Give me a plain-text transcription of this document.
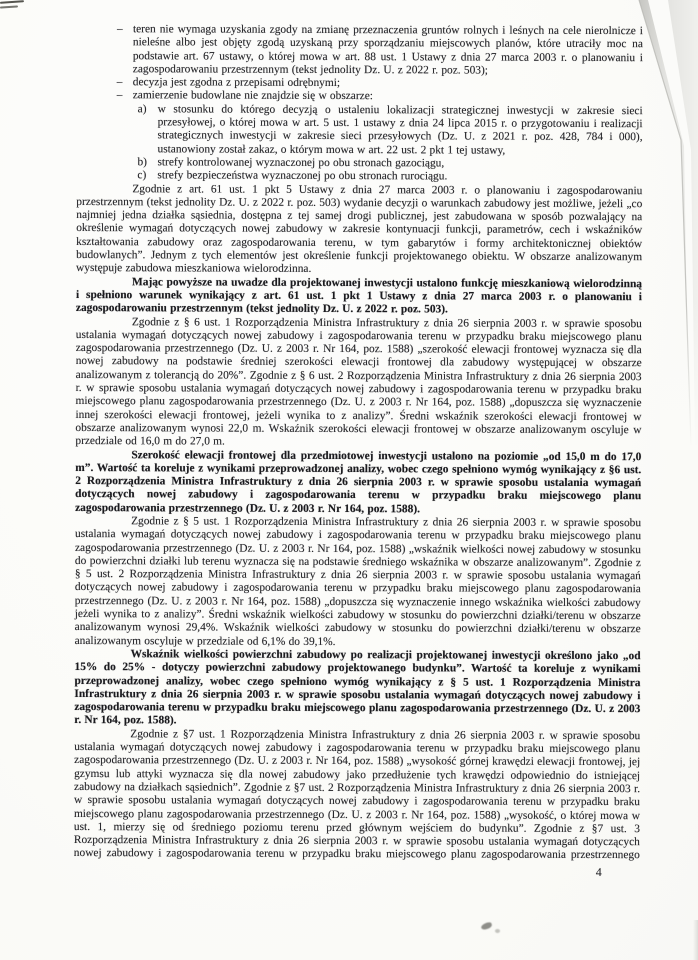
– teren nie wymaga uzyskania zgody na zmianę przeznaczenia gruntów rolnych i leśnych na cele nierolnicze i nieleśne albo jest objęty zgodą uzyskaną przy sporządzaniu miejscowych planów, które utraciły moc na podstawie art. 67 ustawy, o której mowa w art. 88 ust. 1 Ustawy z dnia 27 marca 2003 r. o planowaniu i zagospodarowaniu przestrzennym (tekst jednolity Dz. U. z 2022 r. poz. 503);
– decyzja jest zgodna z przepisami odrębnymi;
– zamierzenie budowlane nie znajdzie się w obszarze:
a) w stosunku do którego decyzją o ustaleniu lokalizacji strategicznej inwestycji w zakresie sieci przesyłowej, o której mowa w art. 5 ust. 1 ustawy z dnia 24 lipca 2015 r. o przygotowaniu i realizacji strategicznych inwestycji w zakresie sieci przesyłowych (Dz. U. z 2021 r. poz. 428, 784 i 000), ustanowiony został zakaz, o którym mowa w art. 22 ust. 2 pkt 1 tej ustawy,
b) strefy kontrolowanej wyznaczonej po obu stronach gazociągu,
c) strefy bezpieczeństwa wyznaczonej po obu stronach rurociągu.

Zgodnie z art. 61 ust. 1 pkt 5 Ustawy z dnia 27 marca 2003 r. o planowaniu i zagospodarowaniu przestrzennym (tekst jednolity Dz. U. z 2022 r. poz. 503) wydanie decyzji o warunkach zabudowy jest możliwe, jeżeli „co najmniej jedna działka sąsiednia, dostępna z tej samej drogi publicznej, jest zabudowana w sposób pozwalający na określenie wymagań dotyczących nowej zabudowy w zakresie kontynuacji funkcji, parametrów, cech i wskaźników kształtowania zabudowy oraz zagospodarowania terenu, w tym gabarytów i formy architektonicznej obiektów budowlanych”. Jednym z tych elementów jest określenie funkcji projektowanego obiektu. W obszarze analizowanym występuje zabudowa mieszkaniowa wielorodzinna.

Mając powyższe na uwadze dla projektowanej inwestycji ustalono funkcję mieszkaniową wielorodzinną i spełniono warunek wynikający z art. 61 ust. 1 pkt 1 Ustawy z dnia 27 marca 2003 r. o planowaniu i zagospodarowaniu przestrzennym (tekst jednolity Dz. U. z 2022 r. poz. 503).

Zgodnie z § 6 ust. 1 Rozporządzenia Ministra Infrastruktury z dnia 26 sierpnia 2003 r. w sprawie sposobu ustalania wymagań dotyczących nowej zabudowy i zagospodarowania terenu w przypadku braku miejscowego planu zagospodarowania przestrzennego (Dz. U. z 2003 r. Nr 164, poz. 1588) „szerokość elewacji frontowej wyznacza się dla nowej zabudowy na podstawie średniej szerokości elewacji frontowej dla zabudowy występującej w obszarze analizowanym z tolerancją do 20%”. Zgodnie z § 6 ust. 2 Rozporządzenia Ministra Infrastruktury z dnia 26 sierpnia 2003 r. w sprawie sposobu ustalania wymagań dotyczących nowej zabudowy i zagospodarowania terenu w przypadku braku miejscowego planu zagospodarowania przestrzennego (Dz. U. z 2003 r. Nr 164, poz. 1588) „dopuszcza się wyznaczenie innej szerokości elewacji frontowej, jeżeli wynika to z analizy”. Średni wskaźnik szerokości elewacji frontowej w obszarze analizowanym wynosi 22,0 m. Wskaźnik szerokości elewacji frontowej w obszarze analizowanym oscyluje w przedziale od 16,0 m do 27,0 m.

Szerokość elewacji frontowej dla przedmiotowej inwestycji ustalono na poziomie „od 15,0 m do 17,0 m”. Wartość ta koreluje z wynikami przeprowadzonej analizy, wobec czego spełniono wymóg wynikający z §6 ust. 2 Rozporządzenia Ministra Infrastruktury z dnia 26 sierpnia 2003 r. w sprawie sposobu ustalania wymagań dotyczących nowej zabudowy i zagospodarowania terenu w przypadku braku miejscowego planu zagospodarowania przestrzennego (Dz. U. z 2003 r. Nr 164, poz. 1588).

Zgodnie z § 5 ust. 1 Rozporządzenia Ministra Infrastruktury z dnia 26 sierpnia 2003 r. w sprawie sposobu ustalania wymagań dotyczących nowej zabudowy i zagospodarowania terenu w przypadku braku miejscowego planu zagospodarowania przestrzennego (Dz. U. z 2003 r. Nr 164, poz. 1588) „wskaźnik wielkości nowej zabudowy w stosunku do powierzchni działki lub terenu wyznacza się na podstawie średniego wskaźnika w obszarze analizowanym”. Zgodnie z § 5 ust. 2 Rozporządzenia Ministra Infrastruktury z dnia 26 sierpnia 2003 r. w sprawie sposobu ustalania wymagań dotyczących nowej zabudowy i zagospodarowania terenu w przypadku braku miejscowego planu zagospodarowania przestrzennego (Dz. U. z 2003 r. Nr 164, poz. 1588) „dopuszcza się wyznaczenie innego wskaźnika wielkości zabudowy jeżeli wynika to z analizy”. Średni wskaźnik wielkości zabudowy w stosunku do powierzchni działki/terenu w obszarze analizowanym wynosi 29,4%. Wskaźnik wielkości zabudowy w stosunku do powierzchni działki/terenu w obszarze analizowanym oscyluje w przedziale od 6,1% do 39,1%.

Wskaźnik wielkości powierzchni zabudowy po realizacji projektowanej inwestycji określono jako „od 15% do 25% - dotyczy powierzchni zabudowy projektowanego budynku”. Wartość ta koreluje z wynikami przeprowadzonej analizy, wobec czego spełniono wymóg wynikający z § 5 ust. 1 Rozporządzenia Ministra Infrastruktury z dnia 26 sierpnia 2003 r. w sprawie sposobu ustalania wymagań dotyczących nowej zabudowy i zagospodarowania terenu w przypadku braku miejscowego planu zagospodarowania przestrzennego (Dz. U. z 2003 r. Nr 164, poz. 1588).

Zgodnie z §7 ust. 1 Rozporządzenia Ministra Infrastruktury z dnia 26 sierpnia 2003 r. w sprawie sposobu ustalania wymagań dotyczących nowej zabudowy i zagospodarowania terenu w przypadku braku miejscowego planu zagospodarowania przestrzennego (Dz. U. z 2003 r. Nr 164, poz. 1588) „wysokość górnej krawędzi elewacji frontowej, jej gzymsu lub attyki wyznacza się dla nowej zabudowy jako przedłużenie tych krawędzi odpowiednio do istniejącej zabudowy na działkach sąsiednich”. Zgodnie z §7 ust. 2 Rozporządzenia Ministra Infrastruktury z dnia 26 sierpnia 2003 r. w sprawie sposobu ustalania wymagań dotyczących nowej zabudowy i zagospodarowania terenu w przypadku braku miejscowego planu zagospodarowania przestrzennego (Dz. U. z 2003 r. Nr 164, poz. 1588) „wysokość, o której mowa w ust. 1, mierzy się od średniego poziomu terenu przed głównym wejściem do budynku”. Zgodnie z §7 ust. 3 Rozporządzenia Ministra Infrastruktury z dnia 26 sierpnia 2003 r. w sprawie sposobu ustalania wymagań dotyczących nowej zabudowy i zagospodarowania terenu w przypadku braku miejscowego planu zagospodarowania przestrzennego

4
